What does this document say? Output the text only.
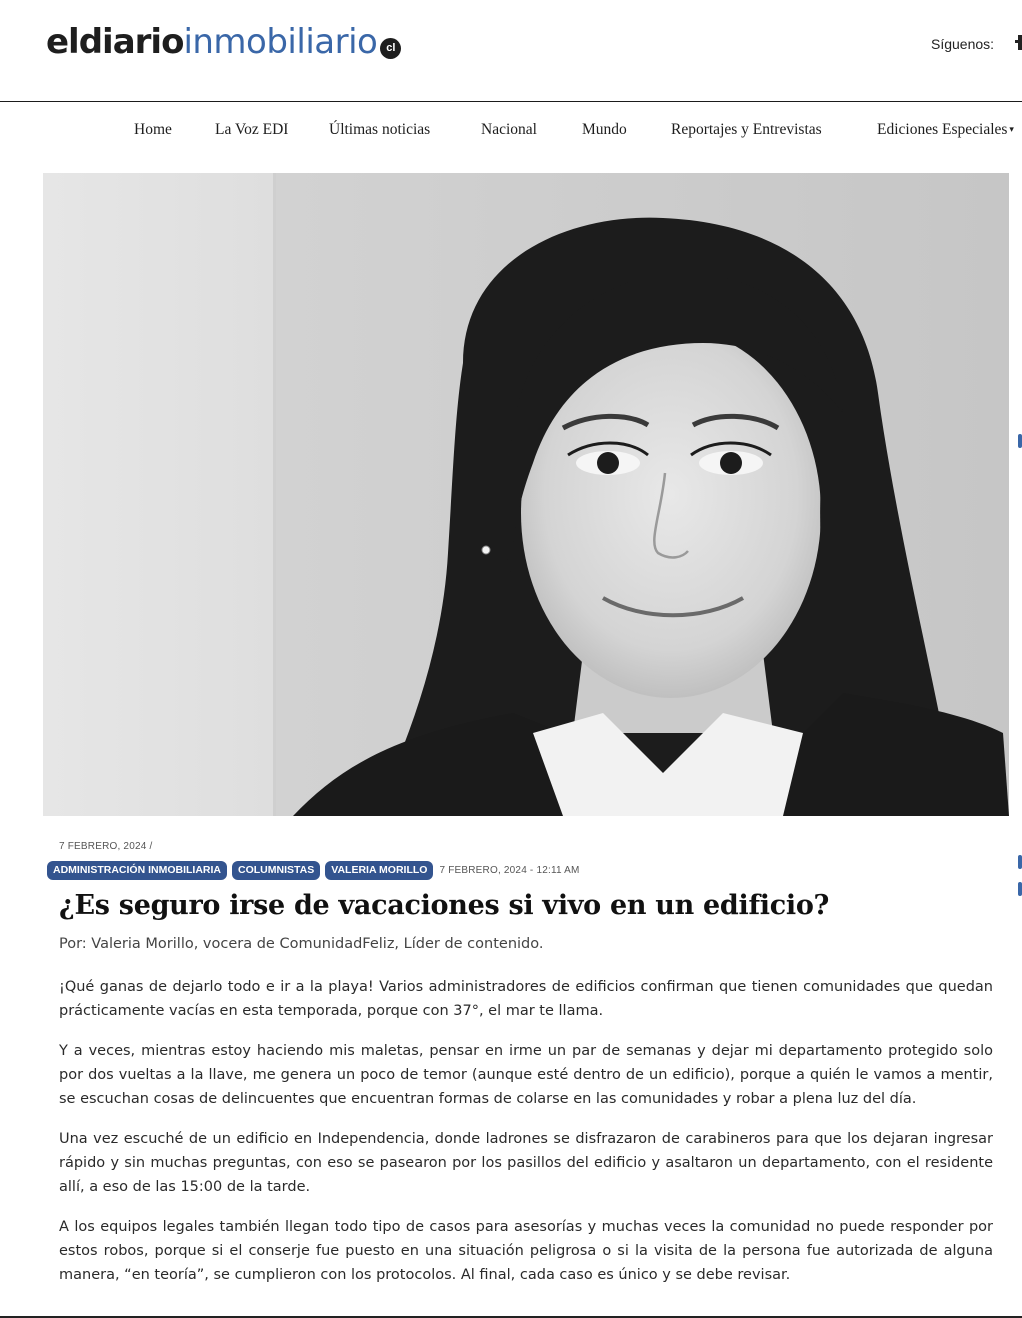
eldiario inmobiliario cl	Síguenos:
Home	La Voz EDI	Últimas noticias	Nacional	Mundo	Reportajes y Entrevistas	Ediciones Especiales ▾
7 FEBRERO, 2024 /
ADMINISTRACIÓN INMOBILIARIA	COLUMNISTAS	VALERIA MORILLO	7 FEBRERO, 2024 - 12:11 AM
¿Es seguro irse de vacaciones si vivo en un edificio?
Por: Valeria Morillo, vocera de ComunidadFeliz, Líder de contenido.

¡Qué ganas de dejarlo todo e ir a la playa! Varios administradores de edificios confirman que tienen comunidades que quedan prácticamente vacías en esta temporada, porque con 37°, el mar te llama.

Y a veces, mientras estoy haciendo mis maletas, pensar en irme un par de semanas y dejar mi departamento protegido solo por dos vueltas a la llave, me genera un poco de temor (aunque esté dentro de un edificio), porque a quién le vamos a mentir, se escuchan cosas de delincuentes que encuentran formas de colarse en las comunidades y robar a plena luz del día.

Una vez escuché de un edificio en Independencia, donde ladrones se disfrazaron de carabineros para que los dejaran ingresar rápido y sin muchas preguntas, con eso se pasearon por los pasillos del edificio y asaltaron un departamento, con el residente allí, a eso de las 15:00 de la tarde.

A los equipos legales también llegan todo tipo de casos para asesorías y muchas veces la comunidad no puede responder por estos robos, porque si el conserje fue puesto en una situación peligrosa o si la visita de la persona fue autorizada de alguna manera, “en teoría”, se cumplieron con los protocolos. Al final, cada caso es único y se debe revisar.
